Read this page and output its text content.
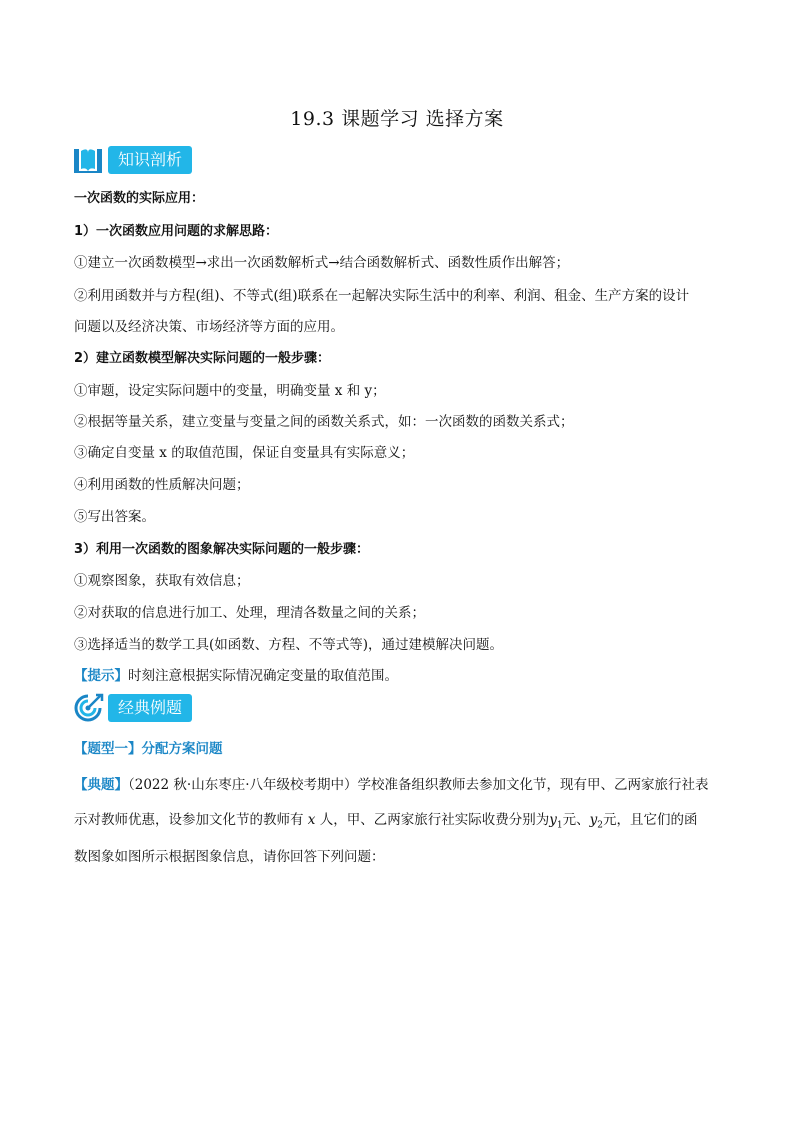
19.3 课题学习 选择方案
知识剖析
一次函数的实际应用：
1）一次函数应用问题的求解思路：
①建立一次函数模型→求出一次函数解析式→结合函数解析式、函数性质作出解答；
②利用函数并与方程(组)、不等式(组)联系在一起解决实际生活中的利率、利润、租金、生产方案的设计
问题以及经济决策、市场经济等方面的应用。
2）建立函数模型解决实际问题的一般步骤：
①审题，设定实际问题中的变量，明确变量 x 和 y；
②根据等量关系，建立变量与变量之间的函数关系式，如：一次函数的函数关系式；
③确定自变量 x 的取值范围，保证自变量具有实际意义；
④利用函数的性质解决问题；
⑤写出答案。
3）利用一次函数的图象解决实际问题的一般步骤：
①观察图象，获取有效信息；
②对获取的信息进行加工、处理，理清各数量之间的关系；
③选择适当的数学工具(如函数、方程、不等式等)，通过建模解决问题。
【提示】时刻注意根据实际情况确定变量的取值范围。
经典例题
【题型一】分配方案问题
【典题】（2022 秋·山东枣庄·八年级校考期中）学校准备组织教师去参加文化节，现有甲、乙两家旅行社表
示对教师优惠，设参加文化节的教师有 x 人，甲、乙两家旅行社实际收费分别为$y_1$元、$y_2$元，且它们的函
数图象如图所示根据图象信息，请你回答下列问题：
